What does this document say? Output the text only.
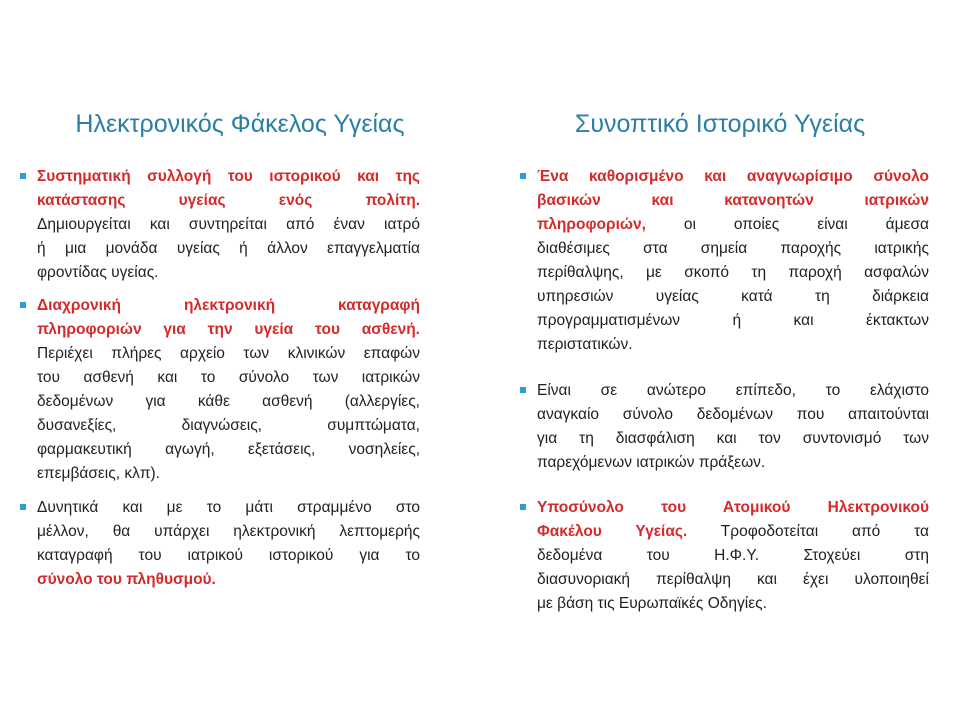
Ηλεκτρονικός Φάκελος Υγείας
Συστηματική συλλογή του ιστορικού και της
κατάστασης υγείας ενός πολίτη.
Δημιουργείται και συντηρείται από έναν ιατρό
ή μια μονάδα υγείας ή άλλον επαγγελματία
φροντίδας υγείας.
Διαχρονική ηλεκτρονική καταγραφή
πληροφοριών για την υγεία του ασθενή.
Περιέχει πλήρες αρχείο των κλινικών επαφών
του ασθενή και το σύνολο των ιατρικών
δεδομένων για κάθε ασθενή (αλλεργίες,
δυσανεξίες, διαγνώσεις, συμπτώματα,
φαρμακευτική αγωγή, εξετάσεις, νοσηλείες,
επεμβάσεις, κλπ).
Δυνητικά και με το μάτι στραμμένο στο
μέλλον, θα υπάρχει ηλεκτρονική λεπτομερής
καταγραφή του ιατρικού ιστορικού για το
σύνολο του πληθυσμού.
Συνοπτικό Ιστορικό Υγείας
Ένα καθορισμένο και αναγνωρίσιμο σύνολο
βασικών και κατανοητών ιατρικών
πληροφοριών, οι οποίες είναι άμεσα
διαθέσιμες στα σημεία παροχής ιατρικής
περίθαλψης, με σκοπό τη παροχή ασφαλών
υπηρεσιών υγείας κατά τη διάρκεια
προγραμματισμένων ή και έκτακτων
περιστατικών.
Είναι σε ανώτερο επίπεδο, το ελάχιστο
αναγκαίο σύνολο δεδομένων που απαιτούνται
για τη διασφάλιση και τον συντονισμό των
παρεχόμενων ιατρικών πράξεων.
Υποσύνολο του Ατομικού Ηλεκτρονικού
Φακέλου Υγείας. Τροφοδοτείται από τα
δεδομένα του Η.Φ.Υ. Στοχεύει στη
διασυνοριακή περίθαλψη και έχει υλοποιηθεί
με βάση τις Ευρωπαϊκές Οδηγίες.
